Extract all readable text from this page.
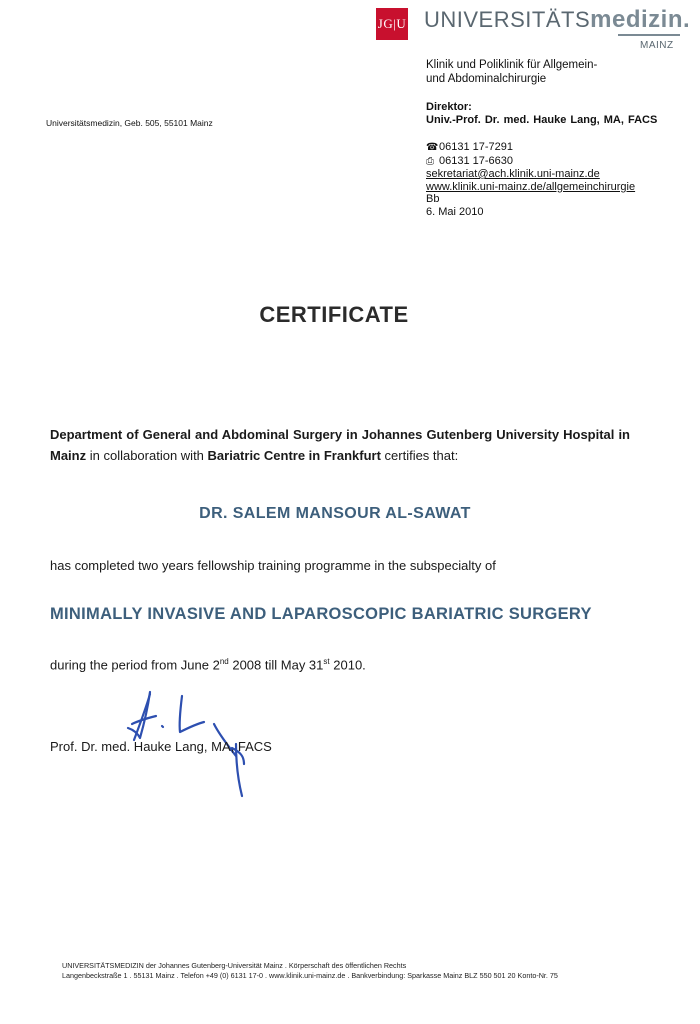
JG|U UNIVERSITÄTSmedizin.
MAINZ
Klinik und Poliklinik für Allgemein-
und Abdominalchirurgie
Direktor:
Univ.-Prof. Dr. med. Hauke Lang, MA, FACS
Universitätsmedizin, Geb. 505, 55101 Mainz
☎06131 17-7291
⎙ 06131 17-6630
sekretariat@ach.klinik.uni-mainz.de
www.klinik.uni-mainz.de/allgemeinchirurgie
Bb
6. Mai 2010
CERTIFICATE
Department of General and Abdominal Surgery in Johannes Gutenberg University Hospital in Mainz in collaboration with Bariatric Centre in Frankfurt certifies that:
DR. SALEM MANSOUR AL-SAWAT
has completed two years fellowship training programme in the subspecialty of
MINIMALLY INVASIVE AND LAPAROSCOPIC BARIATRIC SURGERY
during the period from June 2nd 2008 till May 31st 2010.
Prof. Dr. med. Hauke Lang, MA, FACS
UNIVERSITÄTSMEDIZIN der Johannes Gutenberg-Universität Mainz . Körperschaft des öffentlichen Rechts
Langenbeckstraße 1 . 55131 Mainz . Telefon +49 (0) 6131 17-0 . www.klinik.uni-mainz.de . Bankverbindung: Sparkasse Mainz BLZ 550 501 20 Konto-Nr. 75
